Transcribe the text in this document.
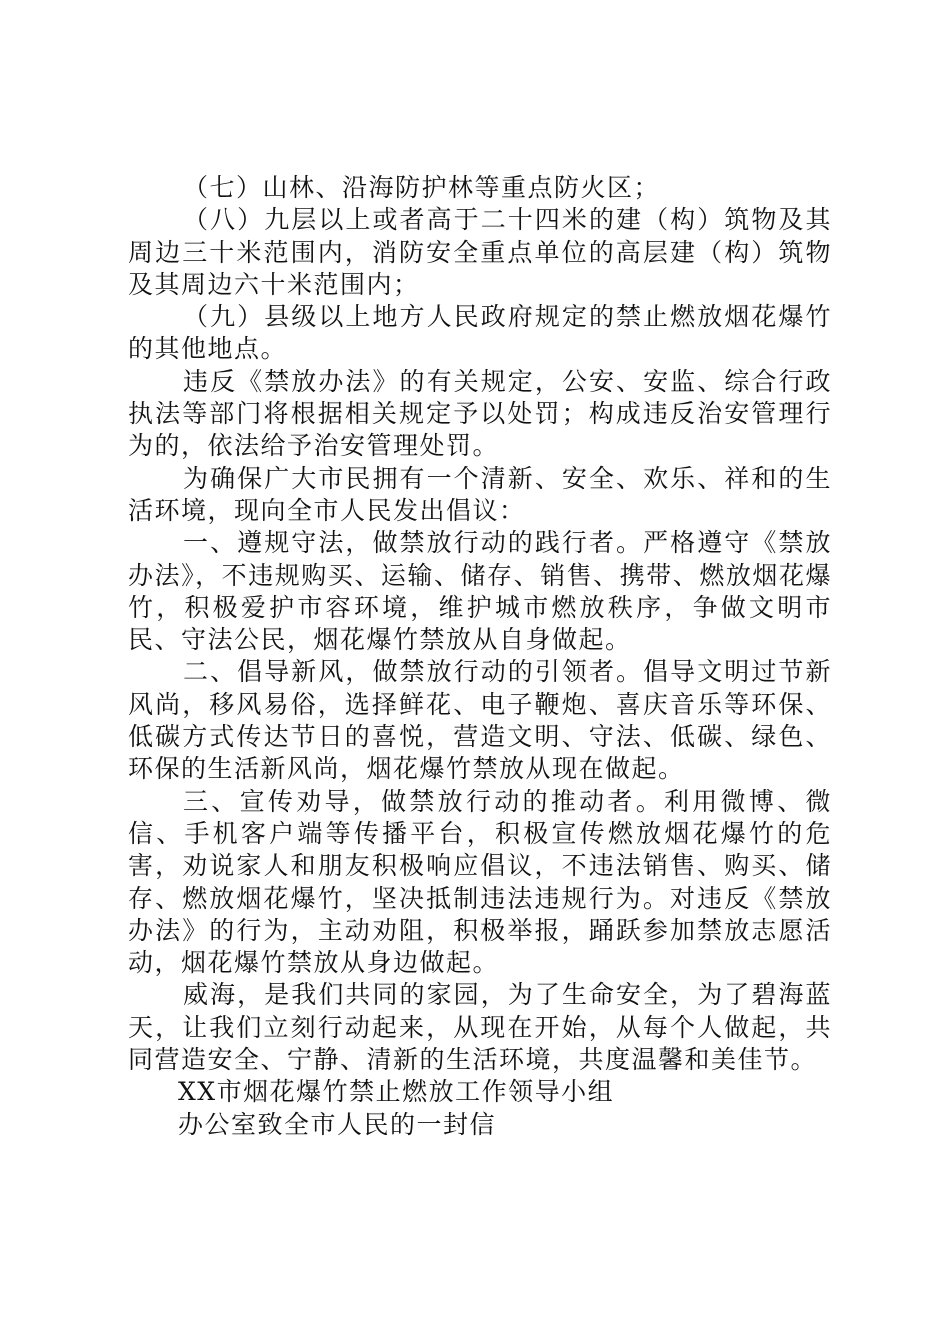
（七）山林、沿海防护林等重点防火区；

（八）九层以上或者高于二十四米的建（构）筑物及其周边三十米范围内，消防安全重点单位的高层建（构）筑物及其周边六十米范围内；

（九）县级以上地方人民政府规定的禁止燃放烟花爆竹的其他地点。

违反《禁放办法》的有关规定，公安、安监、综合行政执法等部门将根据相关规定予以处罚；构成违反治安管理行为的，依法给予治安管理处罚。

为确保广大市民拥有一个清新、安全、欢乐、祥和的生活环境，现向全市人民发出倡议：

一、遵规守法，做禁放行动的践行者。严格遵守《禁放办法》，不违规购买、运输、储存、销售、携带、燃放烟花爆竹，积极爱护市容环境，维护城市燃放秩序，争做文明市民、守法公民，烟花爆竹禁放从自身做起。

二、倡导新风，做禁放行动的引领者。倡导文明过节新风尚，移风易俗，选择鲜花、电子鞭炮、喜庆音乐等环保、低碳方式传达节日的喜悦，营造文明、守法、低碳、绿色、环保的生活新风尚，烟花爆竹禁放从现在做起。

三、宣传劝导，做禁放行动的推动者。利用微博、微信、手机客户端等传播平台，积极宣传燃放烟花爆竹的危害，劝说家人和朋友积极响应倡议，不违法销售、购买、储存、燃放烟花爆竹，坚决抵制违法违规行为。对违反《禁放办法》的行为，主动劝阻，积极举报，踊跃参加禁放志愿活动，烟花爆竹禁放从身边做起。

威海，是我们共同的家园，为了生命安全，为了碧海蓝天，让我们立刻行动起来，从现在开始，从每个人做起，共同营造安全、宁静、清新的生活环境，共度温馨和美佳节。

XX市烟花爆竹禁止燃放工作领导小组

办公室致全市人民的一封信
